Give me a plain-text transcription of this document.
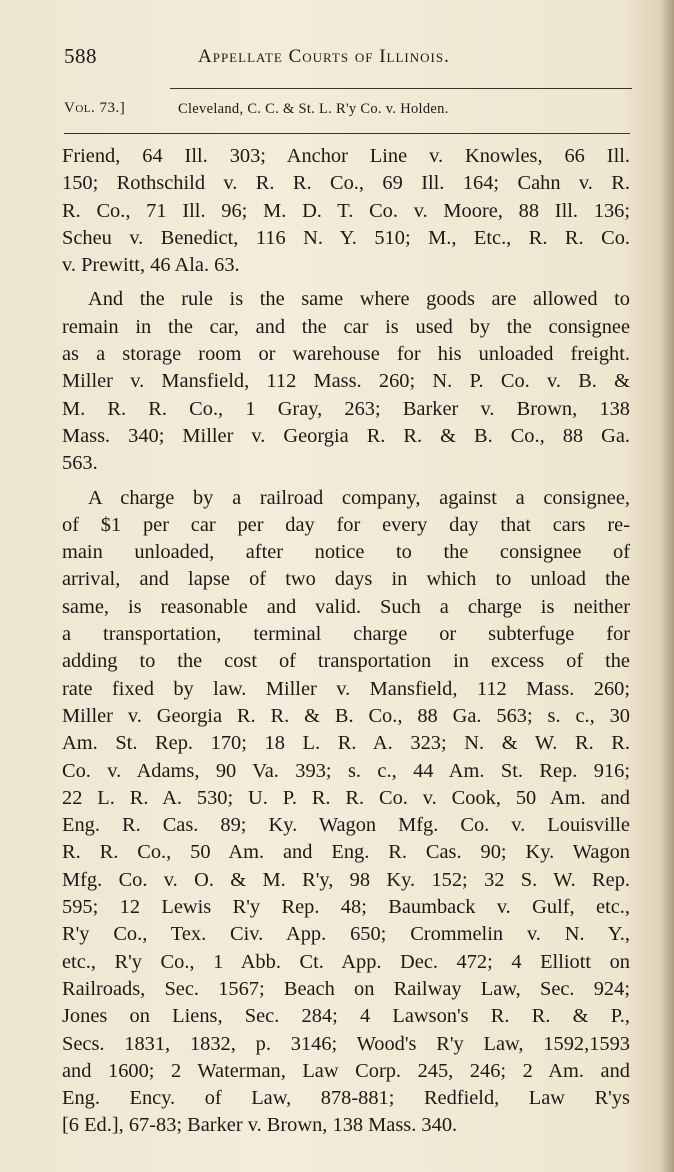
588	Appellate Courts of Illinois.
Vol. 73.]	Cleveland, C. C. & St. L. R'y Co. v. Holden.
Friend, 64 Ill. 303; Anchor Line v. Knowles, 66 Ill.
150; Rothschild v. R. R. Co., 69 Ill. 164; Cahn v. R.
R. Co., 71 Ill. 96; M. D. T. Co. v. Moore, 88 Ill. 136;
Scheu v. Benedict, 116 N. Y. 510; M., Etc., R. R. Co.
v. Prewitt, 46 Ala. 63.
And the rule is the same where goods are allowed to
remain in the car, and the car is used by the consignee
as a storage room or warehouse for his unloaded freight.
Miller v. Mansfield, 112 Mass. 260; N. P. Co. v. B. &
M. R. R. Co., 1 Gray, 263; Barker v. Brown, 138
Mass. 340; Miller v. Georgia R. R. & B. Co., 88 Ga.
563.
A charge by a railroad company, against a consignee,
of $1 per car per day for every day that cars re-
main unloaded, after notice to the consignee of
arrival, and lapse of two days in which to unload the
same, is reasonable and valid. Such a charge is neither
a transportation, terminal charge or subterfuge for
adding to the cost of transportation in excess of the
rate fixed by law. Miller v. Mansfield, 112 Mass. 260;
Miller v. Georgia R. R. & B. Co., 88 Ga. 563; s. c., 30
Am. St. Rep. 170; 18 L. R. A. 323; N. & W. R. R.
Co. v. Adams, 90 Va. 393; s. c., 44 Am. St. Rep. 916;
22 L. R. A. 530; U. P. R. R. Co. v. Cook, 50 Am. and
Eng. R. Cas. 89; Ky. Wagon Mfg. Co. v. Louisville
R. R. Co., 50 Am. and Eng. R. Cas. 90; Ky. Wagon
Mfg. Co. v. O. & M. R'y, 98 Ky. 152; 32 S. W. Rep.
595; 12 Lewis R'y Rep. 48; Baumback v. Gulf, etc.,
R'y Co., Tex. Civ. App. 650; Crommelin v. N. Y.,
etc., R'y Co., 1 Abb. Ct. App. Dec. 472; 4 Elliott on
Railroads, Sec. 1567; Beach on Railway Law, Sec. 924;
Jones on Liens, Sec. 284; 4 Lawson's R. R. & P.,
Secs. 1831, 1832, p. 3146; Wood's R'y Law, 1592,1593
and 1600; 2 Waterman, Law Corp. 245, 246; 2 Am. and
Eng. Ency. of Law, 878-881; Redfield, Law R'ys
[6 Ed.], 67-83; Barker v. Brown, 138 Mass. 340.
